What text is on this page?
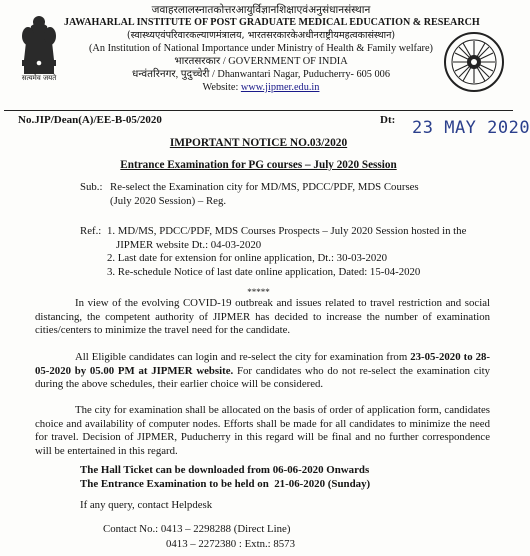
सत्यमेव जयते
जवाहरलालस्नातकोत्तरआयुर्विज्ञानशिक्षाएवंअनुसंधानसंस्थान
JAWAHARLAL INSTITUTE OF POST GRADUATE MEDICAL EDUCATION & RESEARCH
(स्वास्थ्यएवंपरिवारकल्याणमंत्रालय, भारतसरकारकेअधीनराष्ट्रीयमहत्वकासंस्थान)
(An Institution of National Importance under Ministry of Health & Family welfare)
भारतसरकार / GOVERNMENT OF INDIA
धन्वंतरिनगर, पुदुच्चेरी / Dhanwantari Nagar, Puducherry- 605 006
Website: www.jipmer.edu.in
No.JIP/Dean(A)/EE-B-05/2020	Dt: 23 MAY 2020
IMPORTANT NOTICE NO.03/2020
Entrance Examination for PG courses – July 2020 Session
Sub.: Re-select the Examination city for MD/MS, PDCC/PDF, MDS Courses (July 2020 Session) – Reg.
Ref.: 1. MD/MS, PDCC/PDF, MDS Courses Prospects – July 2020 Session hosted in the JIPMER website Dt.: 04-03-2020
2. Last date for extension for online application, Dt.: 30-03-2020
3. Re-schedule Notice of last date online application, Dated: 15-04-2020
*****
In view of the evolving COVID-19 outbreak and issues related to travel restriction and social distancing, the competent authority of JIPMER has decided to increase the number of examination cities/centers to minimize the travel need for the candidate.
All Eligible candidates can login and re-select the city for examination from 23-05-2020 to 28-05-2020 by 05.00 PM at JIPMER website. For candidates who do not re-select the examination city during the above schedules, their earlier choice will be considered.
The city for examination shall be allocated on the basis of order of application form, candidates choice and availability of computer nodes. Efforts shall be made for all candidates to minimize the need for travel. Decision of JIPMER, Puducherry in this regard will be final and no further correspondence will be entertained in this regard.
The Hall Ticket can be downloaded from 06-06-2020 Onwards
The Entrance Examination to be held on  21-06-2020 (Sunday)
If any query, contact Helpdesk
Contact No.: 0413 – 2298288 (Direct Line)
0413 – 2272380 : Extn.: 8573
